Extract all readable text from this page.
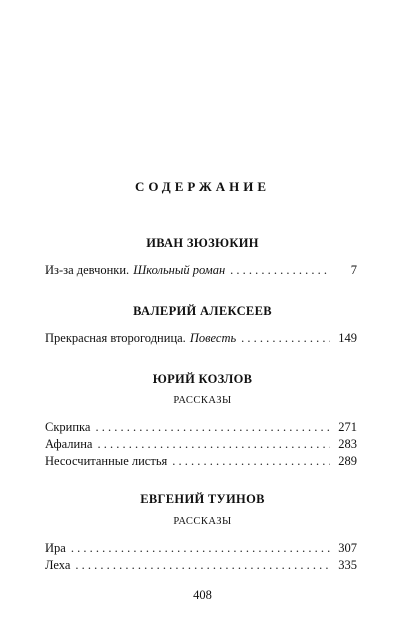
СОДЕРЖАНИЕ
ИВАН ЗЮЗЮКИН
Из-за девчонки. Школьный роман . . .	7
ВАЛЕРИЙ АЛЕКСЕЕВ
Прекрасная второгодница. Повесть . . .	149
ЮРИЙ КОЗЛОВ
РАССКАЗЫ
Скрипка . . .	271
Афалина . . .	283
Несосчитанные листья . . .	289
ЕВГЕНИЙ ТУИНОВ
РАССКАЗЫ
Ира . . .	307
Леха . . .	335
408
